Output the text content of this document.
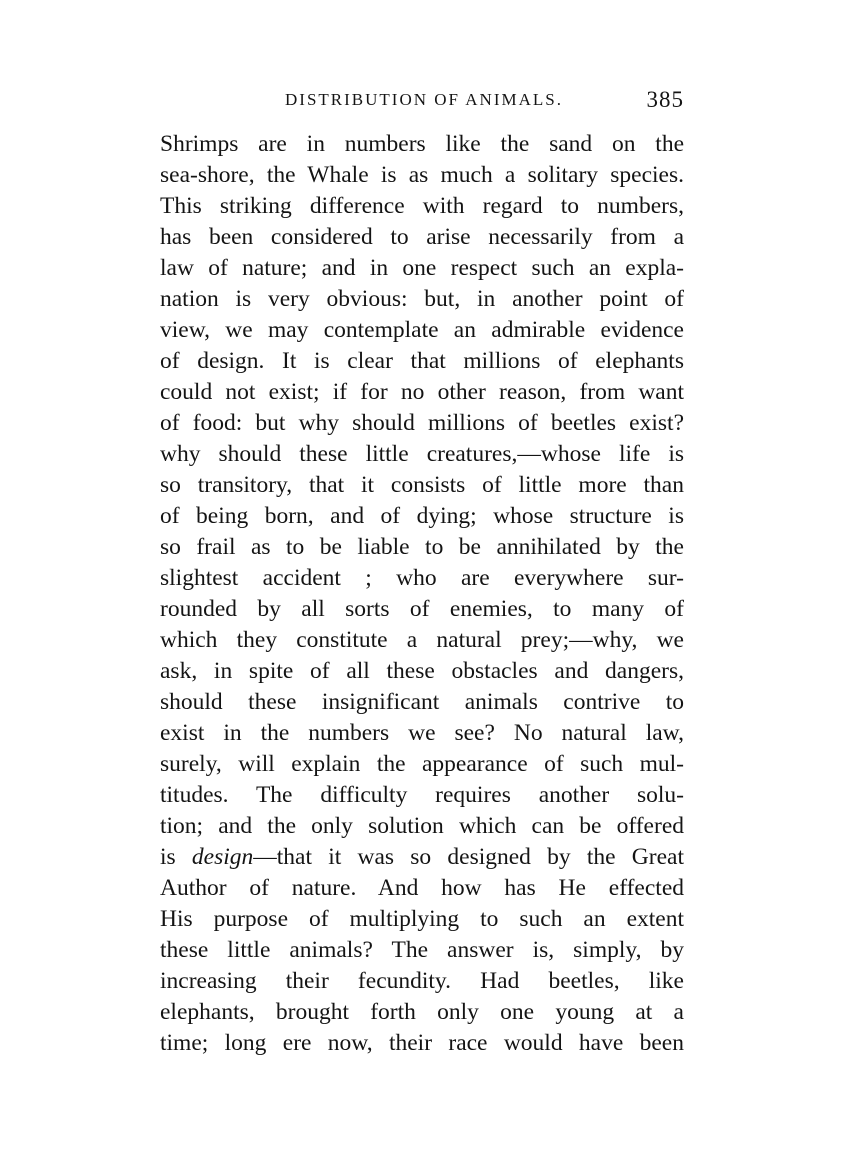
DISTRIBUTION OF ANIMALS.	385
Shrimps are in numbers like the sand on the
sea-shore, the Whale is as much a solitary species.
This striking difference with regard to numbers,
has been considered to arise necessarily from a
law of nature; and in one respect such an expla-
nation is very obvious: but, in another point of
view, we may contemplate an admirable evidence
of design. It is clear that millions of elephants
could not exist; if for no other reason, from want
of food: but why should millions of beetles exist?
why should these little creatures,—whose life is
so transitory, that it consists of little more than
of being born, and of dying; whose structure is
so frail as to be liable to be annihilated by the
slightest accident ; who are everywhere sur-
rounded by all sorts of enemies, to many of
which they constitute a natural prey;—why, we
ask, in spite of all these obstacles and dangers,
should these insignificant animals contrive to
exist in the numbers we see? No natural law,
surely, will explain the appearance of such mul-
titudes. The difficulty requires another solu-
tion; and the only solution which can be offered
is design—that it was so designed by the Great
Author of nature. And how has He effected
His purpose of multiplying to such an extent
these little animals? The answer is, simply, by
increasing their fecundity. Had beetles, like
elephants, brought forth only one young at a
time; long ere now, their race would have been
